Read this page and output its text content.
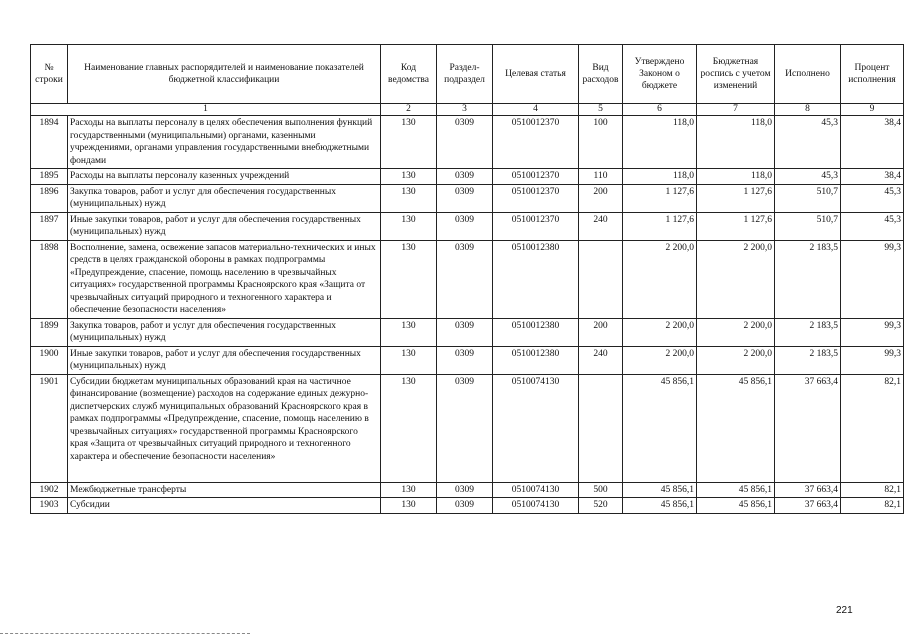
№ строки	Наименование главных распорядителей и наименование показателей бюджетной классификации	Код ведомства	Раздел-подраздел	Целевая статья	Вид расходов	Утверждено Законом о бюджете	Бюджетная роспись с учетом изменений	Исполнено	Процент исполнения
1		2	3	4	5	6	7	8	9
1894	Расходы на выплаты персоналу в целях обеспечения выполнения функций государственными (муниципальными) органами, казенными учреждениями, органами управления государственными внебюджетными фондами	130	0309	0510012370	100	118,0	118,0	45,3	38,4
1895	Расходы на выплаты персоналу казенных учреждений	130	0309	0510012370	110	118,0	118,0	45,3	38,4
1896	Закупка товаров, работ и услуг для обеспечения государственных (муниципальных) нужд	130	0309	0510012370	200	1 127,6	1 127,6	510,7	45,3
1897	Иные закупки товаров, работ и услуг для обеспечения государственных (муниципальных) нужд	130	0309	0510012370	240	1 127,6	1 127,6	510,7	45,3
1898	Восполнение, замена, освежение запасов материально-технических и иных средств в целях гражданской обороны в рамках подпрограммы «Предупреждение, спасение, помощь населению в чрезвычайных ситуациях» государственной программы Красноярского края «Защита от чрезвычайных ситуаций природного и техногенного характера и обеспечение безопасности населения»	130	0309	0510012380		2 200,0	2 200,0	2 183,5	99,3
1899	Закупка товаров, работ и услуг для обеспечения государственных (муниципальных) нужд	130	0309	0510012380	200	2 200,0	2 200,0	2 183,5	99,3
1900	Иные закупки товаров, работ и услуг для обеспечения государственных (муниципальных) нужд	130	0309	0510012380	240	2 200,0	2 200,0	2 183,5	99,3
1901	Субсидии бюджетам муниципальных образований края на частичное финансирование (возмещение) расходов на содержание единых дежурно-диспетчерских служб муниципальных образований Красноярского края в рамках подпрограммы «Предупреждение, спасение, помощь населению в чрезвычайных ситуациях» государственной программы Красноярского края «Защита от чрезвычайных ситуаций природного и техногенного характера и обеспечение безопасности населения»	130	0309	0510074130		45 856,1	45 856,1	37 663,4	82,1
1902	Межбюджетные трансферты	130	0309	0510074130	500	45 856,1	45 856,1	37 663,4	82,1
1903	Субсидии	130	0309	0510074130	520	45 856,1	45 856,1	37 663,4	82,1
221
